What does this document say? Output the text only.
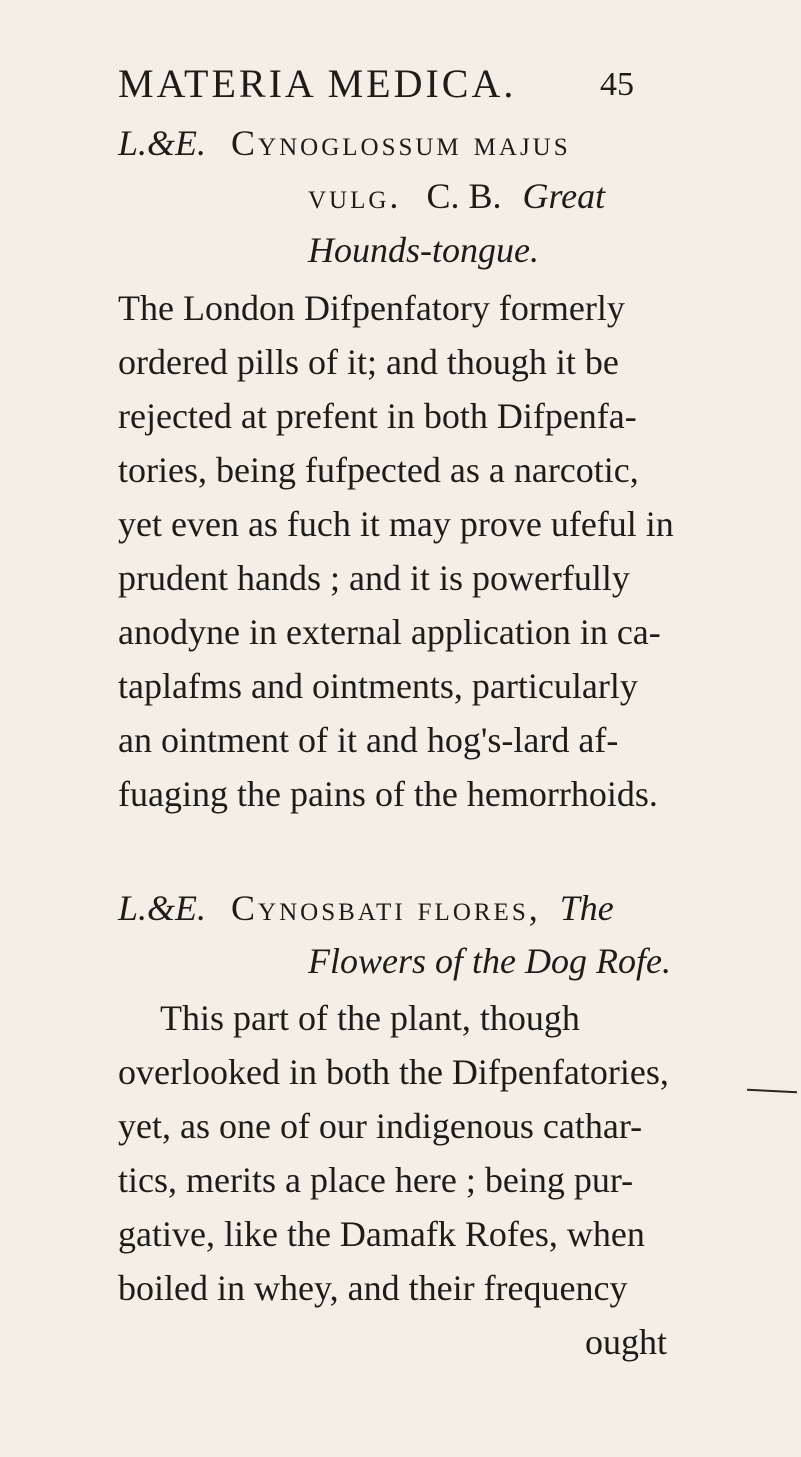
MATERIA MEDICA.	45
L.&E. Cynoglossum majus
vulg. C. B. Great
Hounds-tongue.
The London Difpenfatory formerly
ordered pills of it; and though it be
rejected at prefent in both Difpenfa-
tories, being fufpected as a narcotic,
yet even as fuch it may prove ufeful in
prudent hands ; and it is powerfully
anodyne in external application in ca-
taplafms and ointments, particularly
an ointment of it and hog's-lard af-
fuaging the pains of the hemorrhoids.
L.&E. Cynosbati flores, The
Flowers of the Dog Rofe.
This part of the plant, though
overlooked in both the Difpenfatories,
yet, as one of our indigenous cathar-
tics, merits a place here ; being pur-
gative, like the Damafk Rofes, when
boiled in whey, and their frequency
ought
